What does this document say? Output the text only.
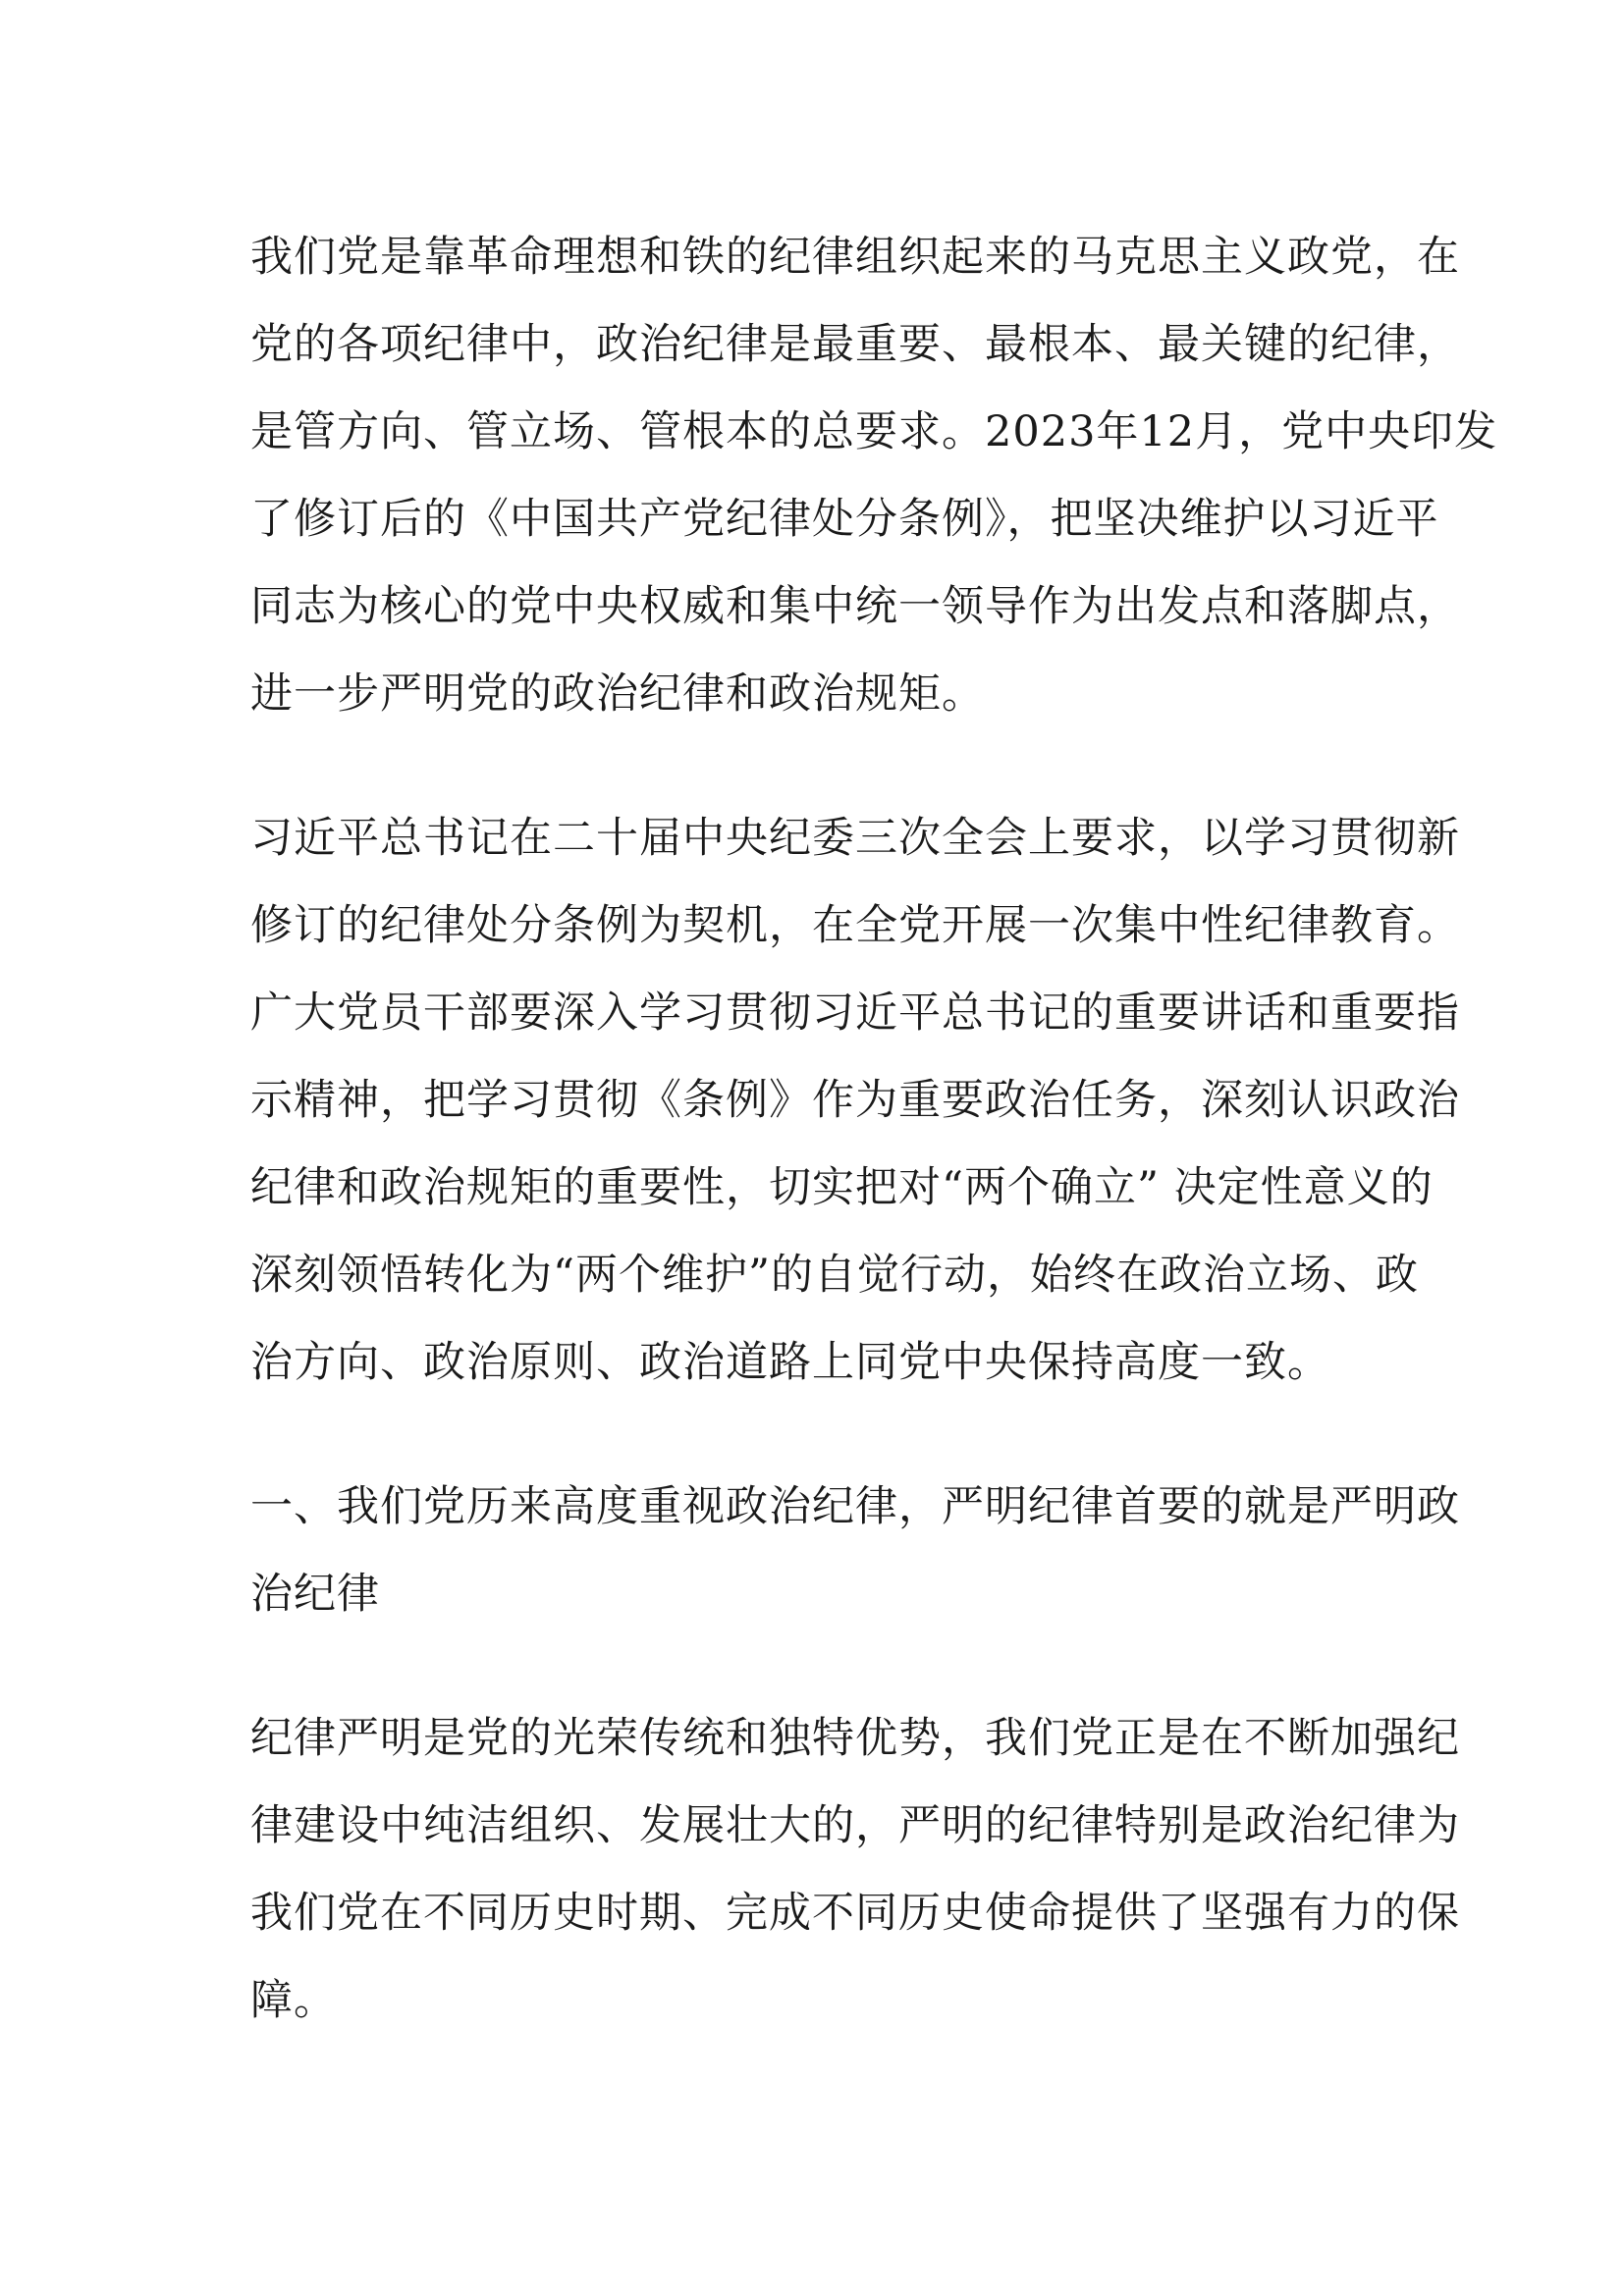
我们党是靠革命理想和铁的纪律组织起来的马克思主义政党，在
党的各项纪律中，政治纪律是最重要、最根本、最关键的纪律，
是管方向、管立场、管根本的总要求。2023年12月，党中央印发
了修订后的《中国共产党纪律处分条例》，把坚决维护以习近平
同志为核心的党中央权威和集中统一领导作为出发点和落脚点，
进一步严明党的政治纪律和政治规矩。

习近平总书记在二十届中央纪委三次全会上要求，以学习贯彻新
修订的纪律处分条例为契机，在全党开展一次集中性纪律教育。
广大党员干部要深入学习贯彻习近平总书记的重要讲话和重要指
示精神，把学习贯彻《条例》作为重要政治任务，深刻认识政治
纪律和政治规矩的重要性，切实把对“两个确立” 决定性意义的
深刻领悟转化为“两个维护”的自觉行动，始终在政治立场、政
治方向、政治原则、政治道路上同党中央保持高度一致。

一、我们党历来高度重视政治纪律，严明纪律首要的就是严明政
治纪律

纪律严明是党的光荣传统和独特优势，我们党正是在不断加强纪
律建设中纯洁组织、发展壮大的，严明的纪律特别是政治纪律为
我们党在不同历史时期、完成不同历史使命提供了坚强有力的保
障。
